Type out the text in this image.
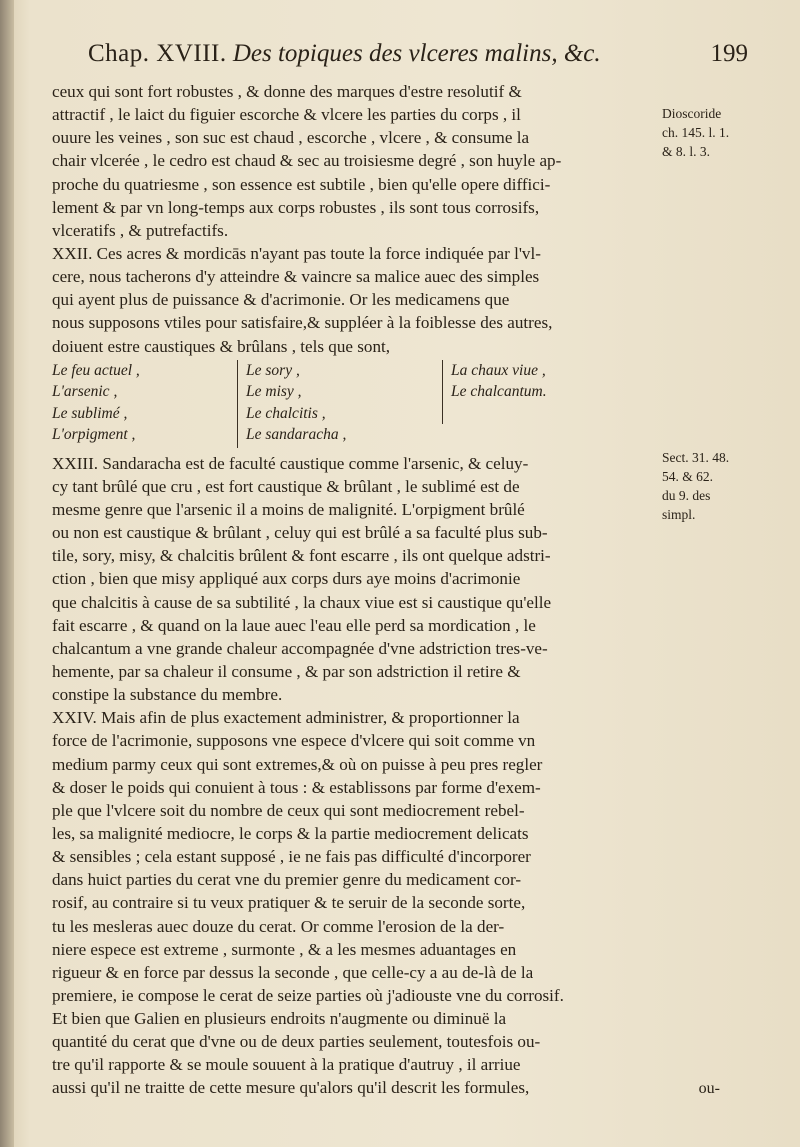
Chap. XVIII. Des topiques des vlceres malins, &c.	199
ceux qui sont fort robustes , & donne des marques d'estre resolutif &
attractif , le laict du figuier escorche & vlcere les parties du corps , il
ouure les veines , son suc est chaud , escorche , vlcere , & consume la
chair vlcerée , le cedro est chaud & sec au troisiesme degré , son huyle ap-
proche du quatriesme , son essence est subtile , bien qu'elle opere diffici-
lement & par vn long-temps aux corps robustes , ils sont tous corrosifs,
vlceratifs , & putrefactifs.
XXII. Ces acres & mordicās n'ayant pas toute la force indiquée par l'vl-
cere, nous tacherons d'y atteindre & vaincre sa malice auec des simples
qui ayent plus de puissance & d'acrimonie. Or les medicamens que
nous supposons vtiles pour satisfaire,& suppléer à la foiblesse des autres,
doiuent estre caustiques & brûlans , tels que sont,
Le feu actuel ,
L'arsenic ,
Le sublimé ,
L'orpigment ,
Le sory ,
Le misy ,
Le chalcitis ,
Le sandaracha ,
La chaux viue ,
Le chalcantum.
XXIII. Sandaracha est de faculté caustique comme l'arsenic, & celuy-
cy tant brûlé que cru , est fort caustique & brûlant , le sublimé est de
mesme genre que l'arsenic il a moins de malignité. L'orpigment brûlé
ou non est caustique & brûlant , celuy qui est brûlé a sa faculté plus sub-
tile, sory, misy, & chalcitis brûlent & font escarre , ils ont quelque adstri-
ction , bien que misy appliqué aux corps durs aye moins d'acrimonie
que chalcitis à cause de sa subtilité , la chaux viue est si caustique qu'elle
fait escarre , & quand on la laue auec l'eau elle perd sa mordication , le
chalcantum a vne grande chaleur accompagnée d'vne adstriction tres-ve-
hemente, par sa chaleur il consume , & par son adstriction il retire &
constipe la substance du membre.
XXIV. Mais afin de plus exactement administrer, & proportionner la
force de l'acrimonie, supposons vne espece d'vlcere qui soit comme vn
medium parmy ceux qui sont extremes,& où on puisse à peu pres regler
& doser le poids qui conuient à tous : & establissons par forme d'exem-
ple que l'vlcere soit du nombre de ceux qui sont mediocrement rebel-
les, sa malignité mediocre, le corps & la partie mediocrement delicats
& sensibles ; cela estant supposé , ie ne fais pas difficulté d'incorporer
dans huict parties du cerat vne du premier genre du medicament cor-
rosif, au contraire si tu veux pratiquer & te seruir de la seconde sorte,
tu les mesleras auec douze du cerat. Or comme l'erosion de la der-
niere espece est extreme , surmonte , & a les mesmes aduantages en
rigueur & en force par dessus la seconde , que celle-cy a au de-là de la
premiere, ie compose le cerat de seize parties où j'adiouste vne du corrosif.
Et bien que Galien en plusieurs endroits n'augmente ou diminuë la
quantité du cerat que d'vne ou de deux parties seulement, toutesfois ou-
tre qu'il rapporte & se moule souuent à la pratique d'autruy , il arriue
aussi qu'il ne traitte de cette mesure qu'alors qu'il descrit les formules,
Dioscoride
ch. 145. l. 1.
& 8. l. 3.
Sect. 31. 48.
54. & 62.
du 9. des
simpl.
ou-
